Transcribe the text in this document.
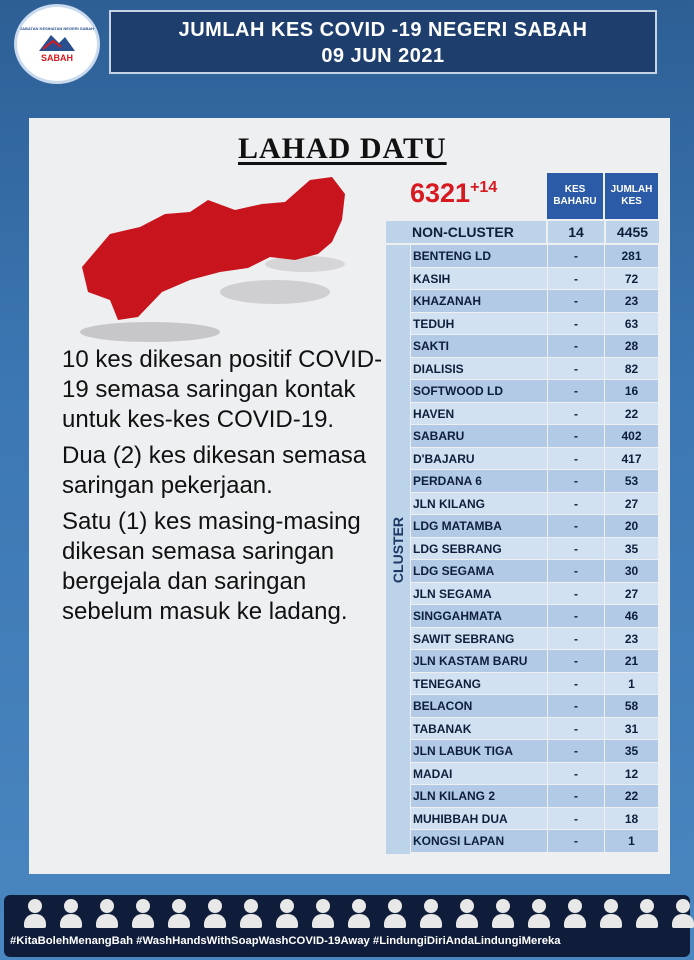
JABATAN KESIHATAN NEGERI SABAH
SABAH
JUMLAH KES COVID -19 NEGERI SABAH
09 JUN 2021
LAHAD DATU
$6321^{+14}$	KES BAHARU
JUMLAH KES
NON-CLUSTER	14	4455
CLUSTER
BENTENG LD	-	281
KASIH	-	72
KHAZANAH	-	23
TEDUH	-	63
SAKTI	-	28
DIALISIS	-	82
SOFTWOOD LD	-	16
HAVEN	-	22
SABARU	-	402
D'BAJARU	-	417
PERDANA 6	-	53
JLN KILANG	-	27
LDG MATAMBA	-	20
LDG SEBRANG	-	35
LDG SEGAMA	-	30
JLN SEGAMA	-	27
SINGGAHMATA	-	46
SAWIT SEBRANG	-	23
JLN KASTAM BARU	-	21
TENEGANG	-	1
BELACON	-	58
TABANAK	-	31
JLN LABUK TIGA	-	35
MADAI	-	12
JLN KILANG 2	-	22
MUHIBBAH DUA	-	18
KONGSI LAPAN	-	1

10 kes dikesan positif COVID-19 semasa saringan kontak untuk kes-kes COVID-19.

Dua (2) kes dikesan semasa saringan pekerjaan.

Satu (1) kes masing-masing dikesan semasa saringan bergejala dan saringan sebelum masuk ke ladang.

#KitaBolehMenangBah #WashHandsWithSoapWashCOVID-19Away #LindungiDiriAndaLindungiMereka
